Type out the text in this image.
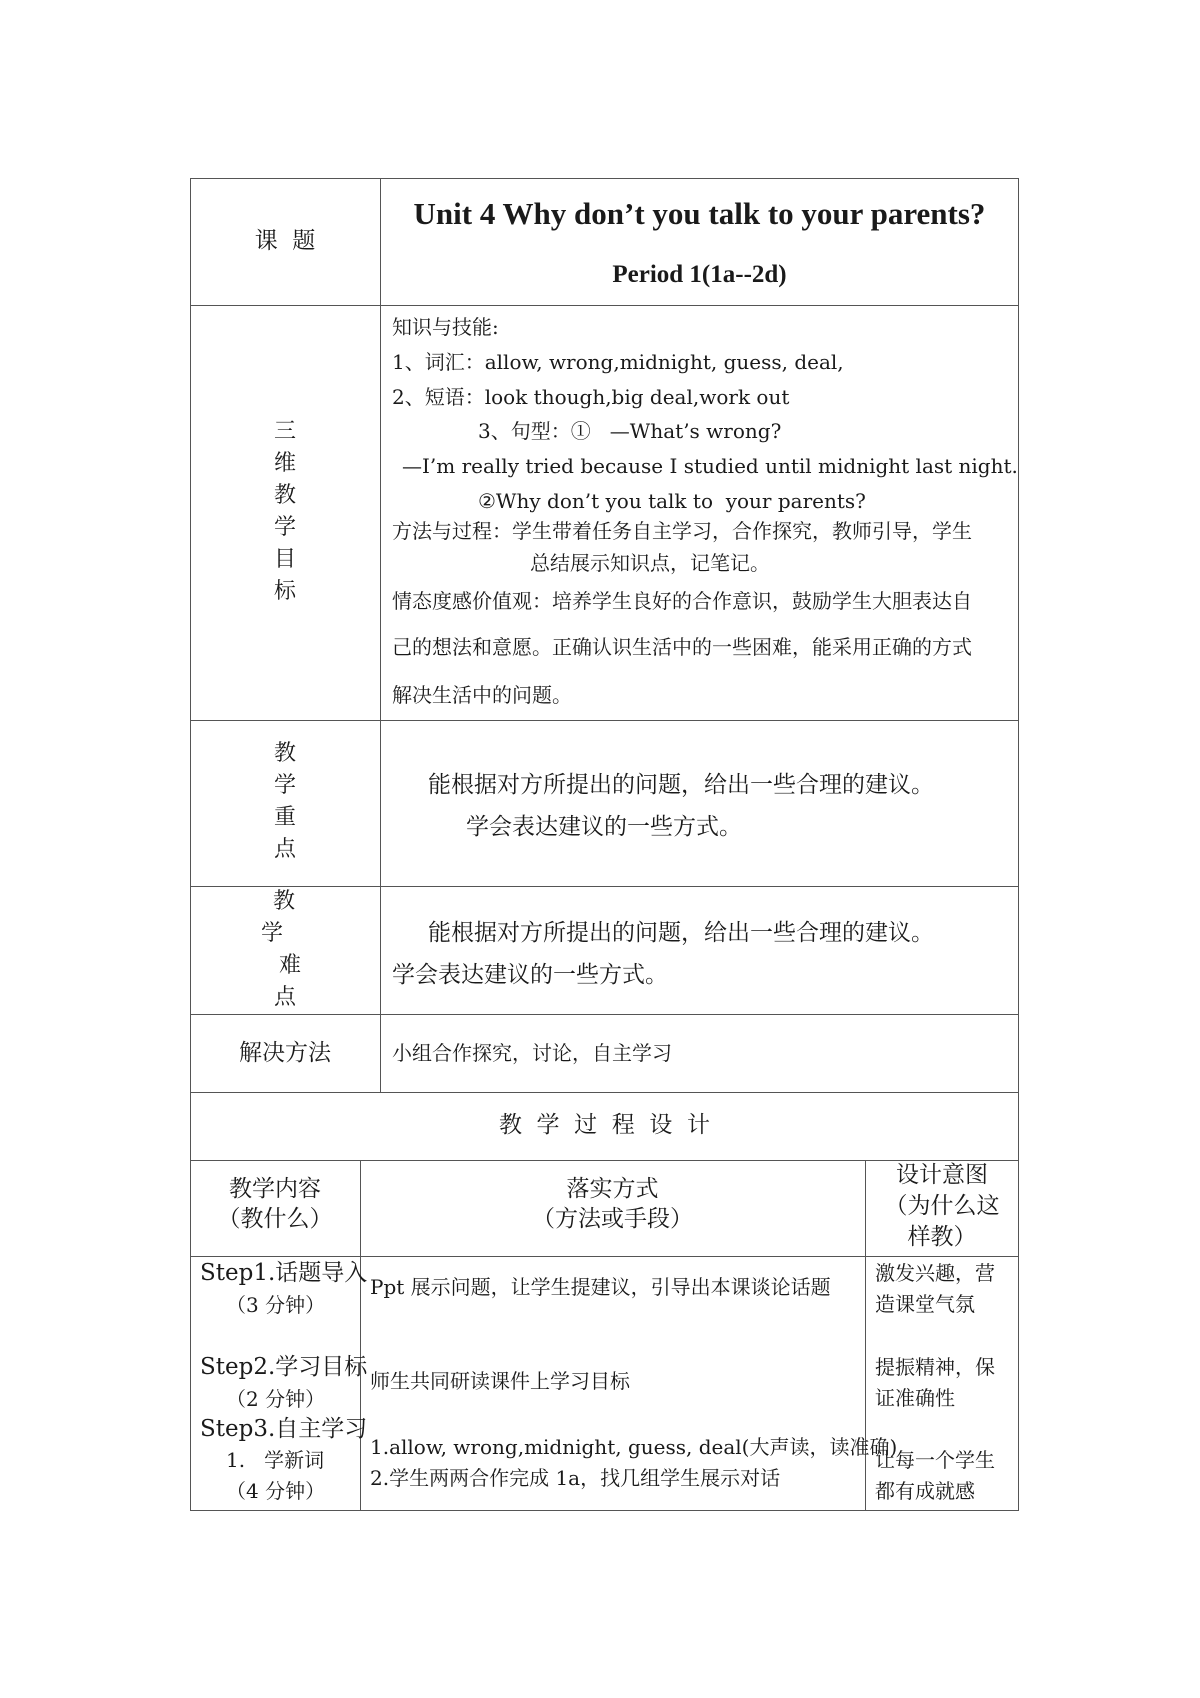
课  题
Unit 4 Why don’t you talk to your parents?
Period 1(1a--2d)
三
维
教
学
目
标
知识与技能:
1、词汇：allow, wrong,midnight, guess, deal,
2、短语：look though,big deal,work out
3、句型：①   —What’s wrong?
—I’m really tried because I studied until midnight last night.
②Why don’t you talk to  your parents?
方法与过程：学生带着任务自主学习，合作探究，教师引导，学生
总结展示知识点，记笔记。
情态度感价值观：培养学生良好的合作意识，鼓励学生大胆表达自
己的想法和意愿。正确认识生活中的一些困难，能采用正确的方式
解决生活中的问题。
教
学
重
点
能根据对方所提出的问题，给出一些合理的建议。
学会表达建议的一些方式。
教
学
难
点
能根据对方所提出的问题，给出一些合理的建议。
学会表达建议的一些方式。
解决方法	小组合作探究，讨论，自主学习
教  学  过  程  设  计
教学内容
（教什么）
落实方式
（方法或手段）
设计意图
（为什么这
样教）
Step1.话题导入
（3 分钟）
Ppt 展示问题，让学生提建议，引导出本课谈论话题
激发兴趣，营
造课堂气氛
Step2.学习目标
（2 分钟）
师生共同研读课件上学习目标
提振精神，保
证准确性
Step3.自主学习
1.   学新词
（4 分钟）
1.allow, wrong,midnight, guess, deal(大声读，读准确)
2.学生两两合作完成 1a，找几组学生展示对话
让每一个学生
都有成就感
